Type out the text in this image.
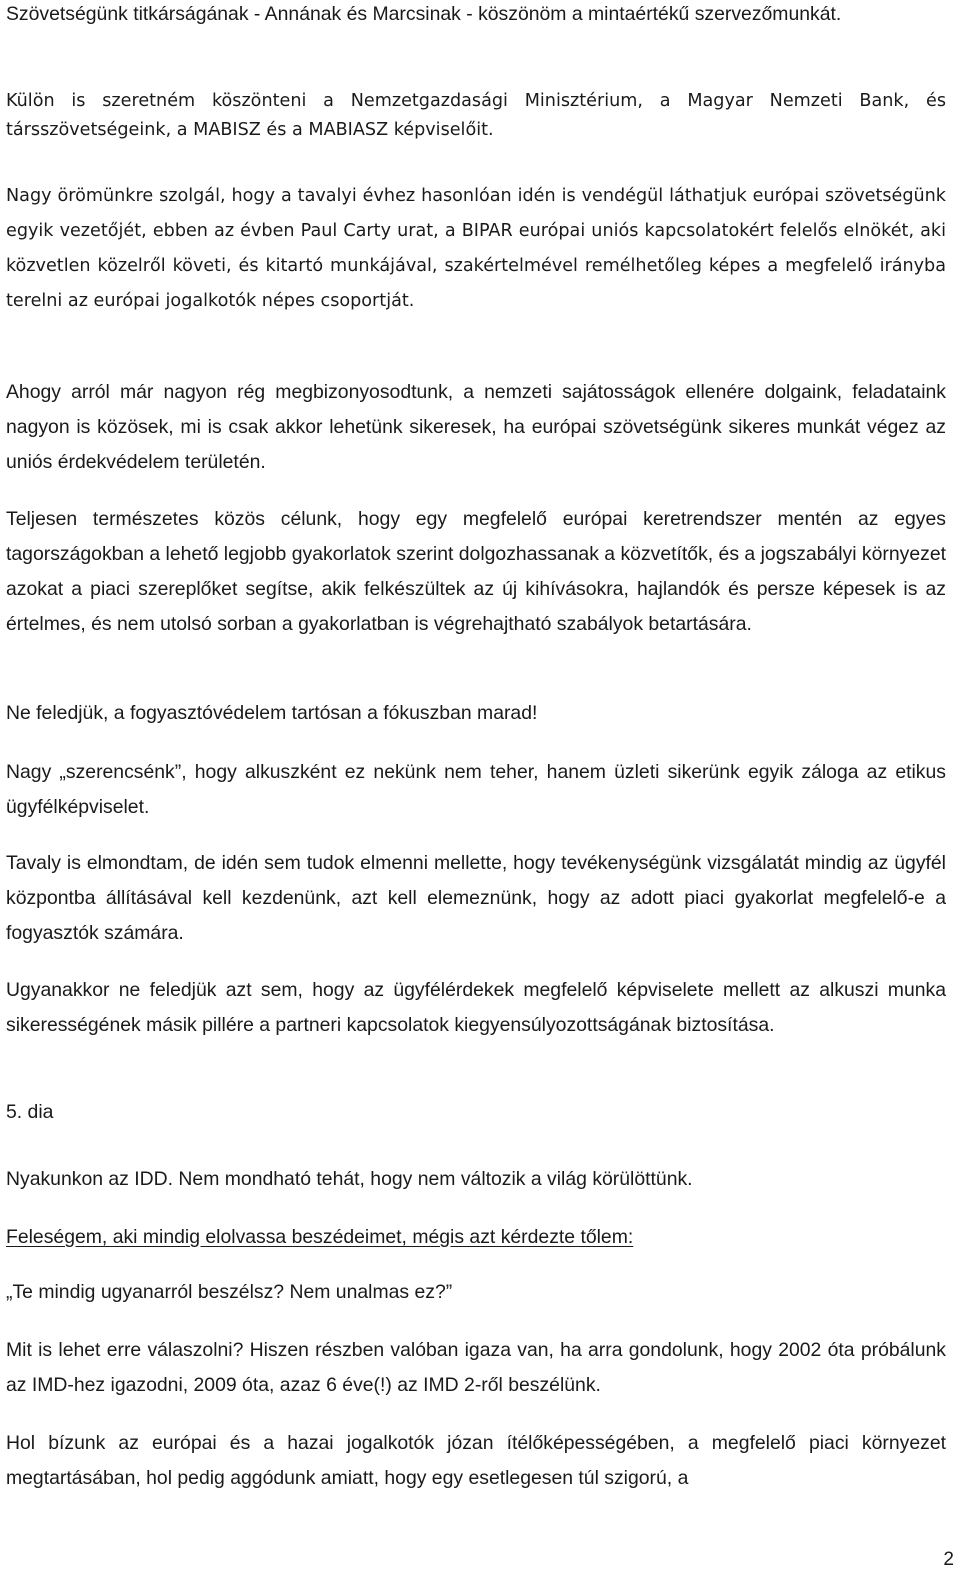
Szövetségünk titkárságának - Annának és Marcsinak - köszönöm a mintaértékű szervezőmunkát.

Külön is szeretném köszönteni a Nemzetgazdasági Minisztérium, a Magyar Nemzeti Bank, és társszövetségeink, a MABISZ és a MABIASZ képviselőit.

Nagy örömünkre szolgál, hogy a tavalyi évhez hasonlóan idén is vendégül láthatjuk európai szövetségünk egyik vezetőjét, ebben az évben Paul Carty urat, a BIPAR európai uniós kapcsolatokért felelős elnökét, aki közvetlen közelről követi, és kitartó munkájával, szakértelmével remélhetőleg képes a megfelelő irányba terelni az európai jogalkotók népes csoportját.

Ahogy arról már nagyon rég megbizonyosodtunk, a nemzeti sajátosságok ellenére dolgaink, feladataink nagyon is közösek, mi is csak akkor lehetünk sikeresek, ha európai szövetségünk sikeres munkát végez az uniós érdekvédelem területén.

Teljesen természetes közös célunk, hogy egy megfelelő európai keretrendszer mentén az egyes tagországokban a lehető legjobb gyakorlatok szerint dolgozhassanak a közvetítők, és a jogszabályi környezet azokat a piaci szereplőket segítse, akik felkészültek az új kihívásokra, hajlandók és persze képesek is az értelmes, és nem utolsó sorban a gyakorlatban is végrehajtható szabályok betartására.

Ne feledjük, a fogyasztóvédelem tartósan a fókuszban marad!

Nagy „szerencsénk”, hogy alkuszként ez nekünk nem teher, hanem üzleti sikerünk egyik záloga az etikus ügyfélképviselet.

Tavaly is elmondtam, de idén sem tudok elmenni mellette, hogy tevékenységünk vizsgálatát mindig az ügyfél központba állításával kell kezdenünk, azt kell elemeznünk, hogy az adott piaci gyakorlat megfelelő-e a fogyasztók számára.

Ugyanakkor ne feledjük azt sem, hogy az ügyfélérdekek megfelelő képviselete mellett az alkuszi munka sikerességének másik pillére a partneri kapcsolatok kiegyensúlyozottságának biztosítása.

5. dia

Nyakunkon az IDD. Nem mondható tehát, hogy nem változik a világ körülöttünk.

Feleségem, aki mindig elolvassa beszédeimet, mégis azt kérdezte tőlem:

„Te mindig ugyanarról beszélsz? Nem unalmas ez?”

Mit is lehet erre válaszolni? Hiszen részben valóban igaza van, ha arra gondolunk, hogy 2002 óta próbálunk az IMD-hez igazodni, 2009 óta, azaz 6 éve(!) az IMD 2-ről beszélünk.

Hol bízunk az európai és a hazai jogalkotók józan ítélőképességében, a megfelelő piaci környezet megtartásában, hol pedig aggódunk amiatt, hogy egy esetlegesen túl szigorú, a

2
